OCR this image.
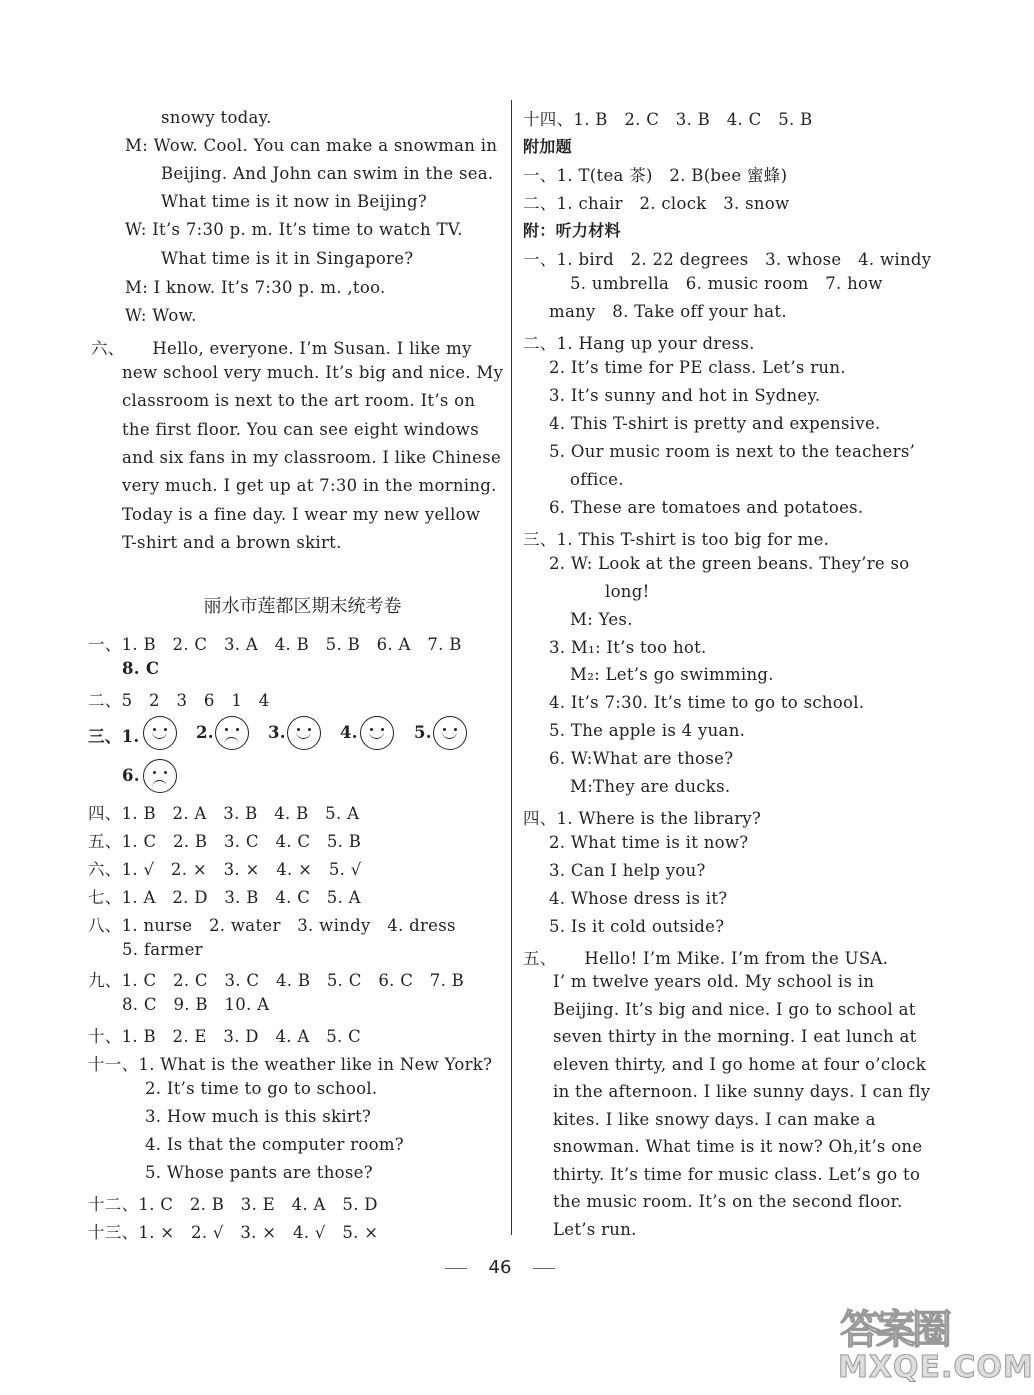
snowy today.
M: Wow. Cool. You can make a snowman in
Beijing. And John can swim in the sea.
What time is it now in Beijing?
W: It’s 7:30 p. m. It’s time to watch TV.
What time is it in Singapore?
M: I know. It’s 7:30 p. m. ,too.
W: Wow.
六、     Hello, everyone. I’m Susan. I like my
new school very much. It’s big and nice. My
classroom is next to the art room. It’s on
the first floor. You can see eight windows
and six fans in my classroom. I like Chinese
very much. I get up at 7:30 in the morning.
Today is a fine day. I wear my new yellow
T-shirt and a brown skirt.
丽水市莲都区期末统考卷
一、1. B   2. C   3. A   4. B   5. B   6. A   7. B
8. C
二、5   2   3   6   1   4
三、1.	2.	3.	4.	5.
6.
四、1. B   2. A   3. B   4. B   5. A
五、1. C   2. B   3. C   4. C   5. B
六、1. √   2. ×   3. ×   4. ×   5. √
七、1. A   2. D   3. B   4. C   5. A
八、1. nurse   2. water   3. windy   4. dress
5. farmer
九、1. C   2. C   3. C   4. B   5. C   6. C   7. B
8. C   9. B   10. A
十、1. B   2. E   3. D   4. A   5. C
十一、1. What is the weather like in New York?
2. It’s time to go to school.
3. How much is this skirt?
4. Is that the computer room?
5. Whose pants are those?
十二、1. C   2. B   3. E   4. A   5. D
十三、1. ×   2. √   3. ×   4. √   5. ×
十四、1. B   2. C   3. B   4. C   5. B
附加题
一、1. T(tea 茶)   2. B(bee 蜜蜂)
二、1. chair   2. clock   3. snow
附：听力材料
一、1. bird   2. 22 degrees   3. whose   4. windy
5. umbrella   6. music room   7. how
many   8. Take off your hat.
二、1. Hang up your dress.
2. It’s time for PE class. Let’s run.
3. It’s sunny and hot in Sydney.
4. This T-shirt is pretty and expensive.
5. Our music room is next to the teachers’
office.
6. These are tomatoes and potatoes.
三、1. This T-shirt is too big for me.
2. W: Look at the green beans. They’re so
long!
M: Yes.
3. M₁: It’s too hot.
M₂: Let’s go swimming.
4. It’s 7:30. It’s time to go to school.
5. The apple is 4 yuan.
6. W:What are those?
M:They are ducks.
四、1. Where is the library?
2. What time is it now?
3. Can I help you?
4. Whose dress is it?
5. Is it cold outside?
五、     Hello! I’m Mike. I’m from the USA.
I’ m twelve years old. My school is in
Beijing. It’s big and nice. I go to school at
seven thirty in the morning. I eat lunch at
eleven thirty, and I go home at four o’clock
in the afternoon. I like sunny days. I can fly
kites. I like snowy days. I can make a
snowman. What time is it now? Oh,it’s one
thirty. It’s time for music class. Let’s go to
the music room. It’s on the second floor.
Let’s run.
46
答案圈
MXQE.COM
